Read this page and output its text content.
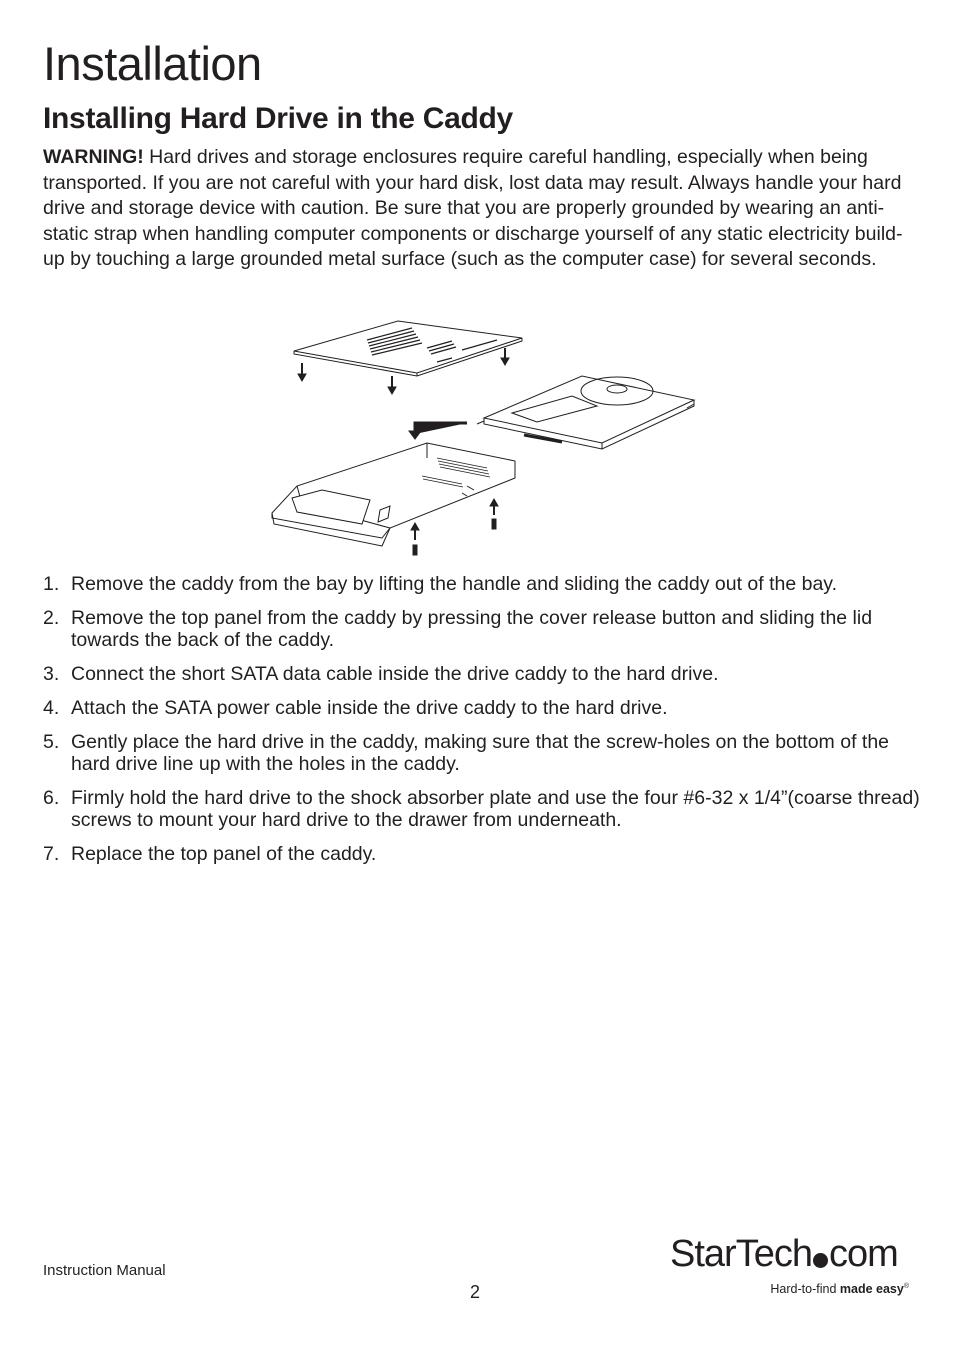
Installation
Installing Hard Drive in the Caddy

WARNING! Hard drives and storage enclosures require careful handling, especially when being transported. If you are not careful with your hard disk, lost data may result. Always handle your hard drive and storage device with caution. Be sure that you are properly grounded by wearing an anti-static strap when handling computer components or discharge yourself of any static electricity build-up by touching a large grounded metal surface (such as the computer case) for several seconds.

1. Remove the caddy from the bay by lifting the handle and sliding the caddy out of the bay.
2. Remove the top panel from the caddy by pressing the cover release button and sliding the lid towards the back of the caddy.
3. Connect the short SATA data cable inside the drive caddy to the hard drive.
4. Attach the SATA power cable inside the drive caddy to the hard drive.
5. Gently place the hard drive in the caddy, making sure that the screw-holes on the bottom of the hard drive line up with the holes in the caddy.
6. Firmly hold the hard drive to the shock absorber plate and use the four #6-32 x 1/4”(coarse thread) screws to mount your hard drive to the drawer from underneath.
7. Replace the top panel of the caddy.
Instruction Manual
2
StarTech com
Hard-to-find made easy®
